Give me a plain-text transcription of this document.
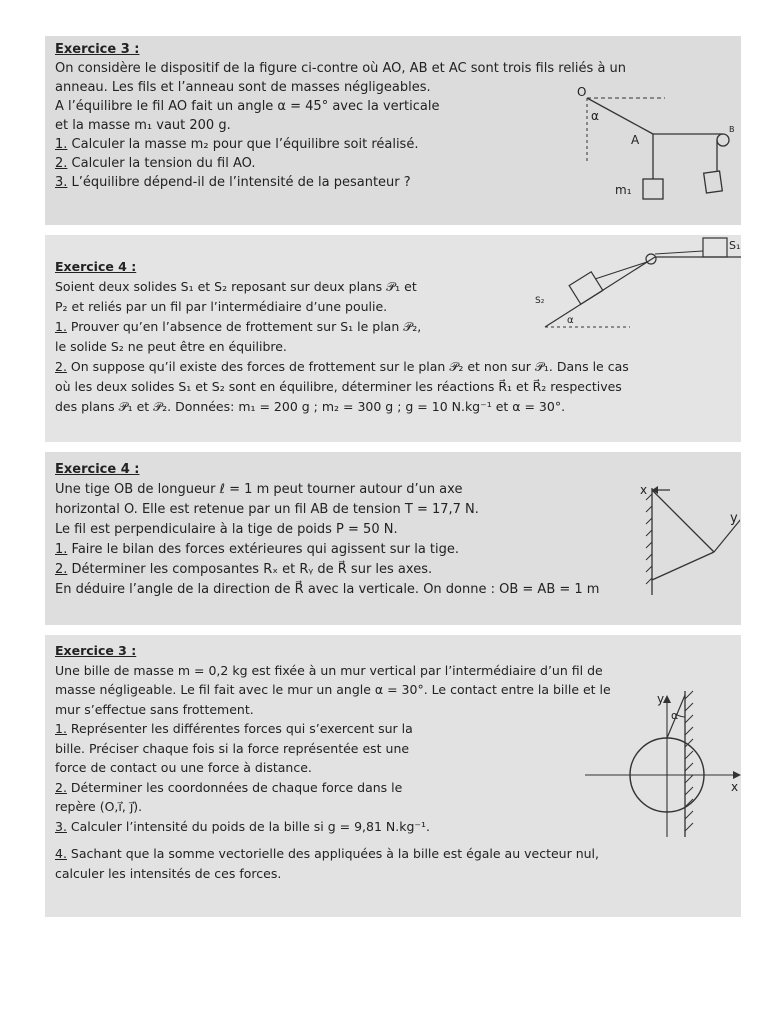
Exercice 3 :
On considère le dispositif de la figure ci-contre où AO, AB et AC sont trois fils reliés à un
anneau. Les fils et l’anneau sont de masses négligeables.
A l’équilibre le fil AO fait un angle α = 45° avec la verticale
et la masse m₁ vaut 200 g.
1. Calculer la masse m₂ pour que l’équilibre soit réalisé.
2. Calculer la tension du fil AO.
3. L’équilibre dépend-il de l’intensité de la pesanteur ?
O
α
A
B
m₁
Exercice 4 :
Soient deux solides S₁ et S₂ reposant sur deux plans 𝒫₁ et
P₂ et reliés par un fil par l’intermédiaire d’une poulie.
1. Prouver qu’en l’absence de frottement sur S₁ le plan 𝒫₂,
le solide S₂ ne peut être en équilibre.
2. On suppose qu’il existe des forces de frottement sur le plan 𝒫₂ et non sur 𝒫₁. Dans le cas
où les deux solides S₁ et S₂ sont en équilibre, déterminer les réactions R⃗₁ et R⃗₂ respectives
des plans 𝒫₁ et 𝒫₂. Données: m₁ = 200 g ; m₂ = 300 g ; g = 10 N.kg⁻¹ et α = 30°.
S₁
S₂
α
Exercice 4 :
Une tige OB de longueur ℓ = 1 m peut tourner autour d’un axe
horizontal O. Elle est retenue par un fil AB de tension T = 17,7 N.
Le fil est perpendiculaire à la tige de poids P = 50 N.
1. Faire le bilan des forces extérieures qui agissent sur la tige.
2. Déterminer les composantes Rₓ et Rᵧ de R⃗ sur les axes.
En déduire l’angle de la direction de R⃗ avec la verticale. On donne : OB = AB = 1 m
x
y
Exercice 3 :
Une bille de masse m = 0,2 kg est fixée à un mur vertical par l’intermédiaire d’un fil de
masse négligeable. Le fil fait avec le mur un angle α = 30°. Le contact entre la bille et le
mur s’effectue sans frottement.
1. Représenter les différentes forces qui s’exercent sur la
bille. Préciser chaque fois si la force représentée est une
force de contact ou une force à distance.
2. Déterminer les coordonnées de chaque force dans le
repère (O,i⃗, j⃗).
3. Calculer l’intensité du poids de la bille si g = 9,81 N.kg⁻¹.
4. Sachant que la somme vectorielle des appliquées à la bille est égale au vecteur nul,
calculer les intensités de ces forces.
y
x
α
